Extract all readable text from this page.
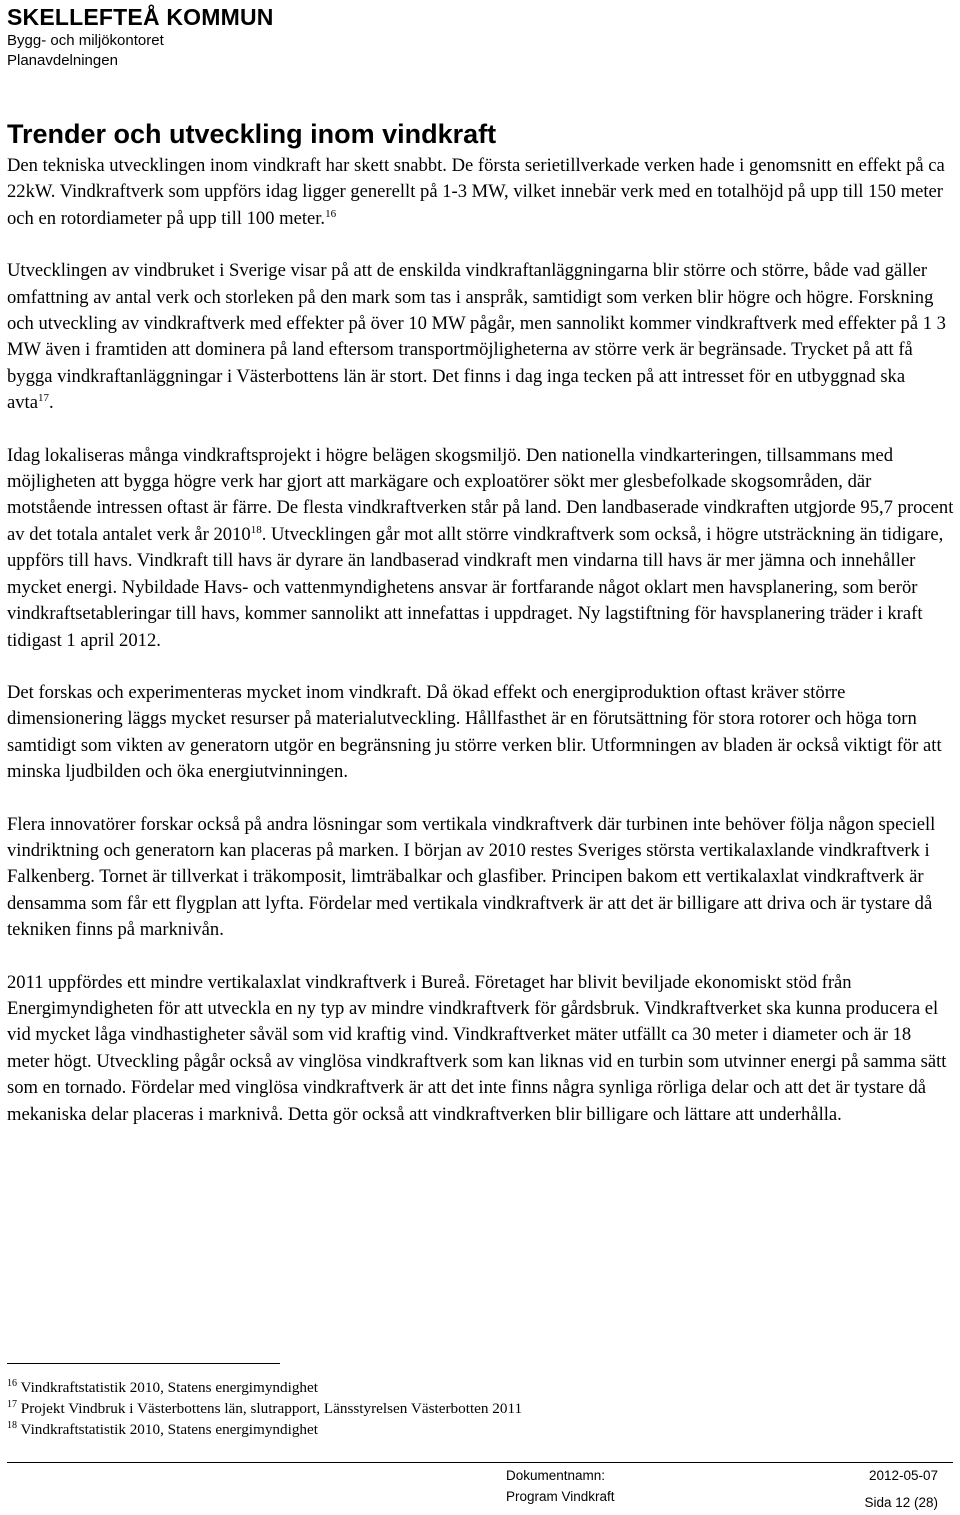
SKELLEFTEÅ KOMMUN
Bygg- och miljökontoret
Planavdelningen
Trender och utveckling inom vindkraft

Den tekniska utvecklingen inom vindkraft har skett snabbt. De första serietillverkade verken hade i genomsnitt en effekt på ca 22kW. Vindkraftverk som uppförs idag ligger generellt på 1-3 MW, vilket innebär verk med en totalhöjd på upp till 150 meter och en rotordiameter på upp till 100 meter.$^{16}$

Utvecklingen av vindbruket i Sverige visar på att de enskilda vindkraftanläggningarna blir större och större, både vad gäller omfattning av antal verk och storleken på den mark som tas i anspråk, samtidigt som verken blir högre och högre. Forskning och utveckling av vindkraftverk med effekter på över 10 MW pågår, men sannolikt kommer vindkraftverk med effekter på 1 3 MW även i framtiden att dominera på land eftersom transportmöjligheterna av större verk är begränsade. Trycket på att få bygga vindkraftanläggningar i Västerbottens län är stort. Det finns i dag inga tecken på att intresset för en utbyggnad ska avta$^{17}$.

Idag lokaliseras många vindkraftsprojekt i högre belägen skogsmiljö. Den nationella vindkarteringen, tillsammans med möjligheten att bygga högre verk har gjort att markägare och exploatörer sökt mer glesbefolkade skogsområden, där motstående intressen oftast är färre. De flesta vindkraftverken står på land. Den landbaserade vindkraften utgjorde 95,7 procent av det totala antalet verk år 2010$^{18}$. Utvecklingen går mot allt större vindkraftverk som också, i högre utsträckning än tidigare, uppförs till havs. Vindkraft till havs är dyrare än landbaserad vindkraft men vindarna till havs är mer jämna och innehåller mycket energi. Nybildade Havs- och vattenmyndighetens ansvar är fortfarande något oklart men havsplanering, som berör vindkraftsetableringar till havs, kommer sannolikt att innefattas i uppdraget. Ny lagstiftning för havsplanering träder i kraft tidigast 1 april 2012.

Det forskas och experimenteras mycket inom vindkraft. Då ökad effekt och energiproduktion oftast kräver större dimensionering läggs mycket resurser på materialutveckling. Hållfasthet är en förutsättning för stora rotorer och höga torn samtidigt som vikten av generatorn utgör en begränsning ju större verken blir. Utformningen av bladen är också viktigt för att minska ljudbilden och öka energiutvinningen.

Flera innovatörer forskar också på andra lösningar som vertikala vindkraftverk där turbinen inte behöver följa någon speciell vindriktning och generatorn kan placeras på marken. I början av 2010 restes Sveriges största vertikalaxlande vindkraftverk i Falkenberg. Tornet är tillverkat i träkomposit, limträbalkar och glasfiber. Principen bakom ett vertikalaxlat vindkraftverk är densamma som får ett flygplan att lyfta. Fördelar med vertikala vindkraftverk är att det är billigare att driva och är tystare då tekniken finns på marknivån.

2011 uppfördes ett mindre vertikalaxlat vindkraftverk i Bureå. Företaget har blivit beviljade ekonomiskt stöd från Energimyndigheten för att utveckla en ny typ av mindre vindkraftverk för gårdsbruk. Vindkraftverket ska kunna producera el vid mycket låga vindhastigheter såväl som vid kraftig vind. Vindkraftverket mäter utfällt ca 30 meter i diameter och är 18 meter högt. Utveckling pågår också av vinglösa vindkraftverk som kan liknas vid en turbin som utvinner energi på samma sätt som en tornado. Fördelar med vinglösa vindkraftverk är att det inte finns några synliga rörliga delar och att det är tystare då mekaniska delar placeras i marknivå. Detta gör också att vindkraftverken blir billigare och lättare att underhålla.

$^{16}$ Vindkraftstatistik 2010, Statens energimyndighet
$^{17}$ Projekt Vindbruk i Västerbottens län, slutrapport, Länsstyrelsen Västerbotten 2011
$^{18}$ Vindkraftstatistik 2010, Statens energimyndighet
Dokumentnamn:
Program Vindkraft
2012-05-07
Sida 12 (28)
